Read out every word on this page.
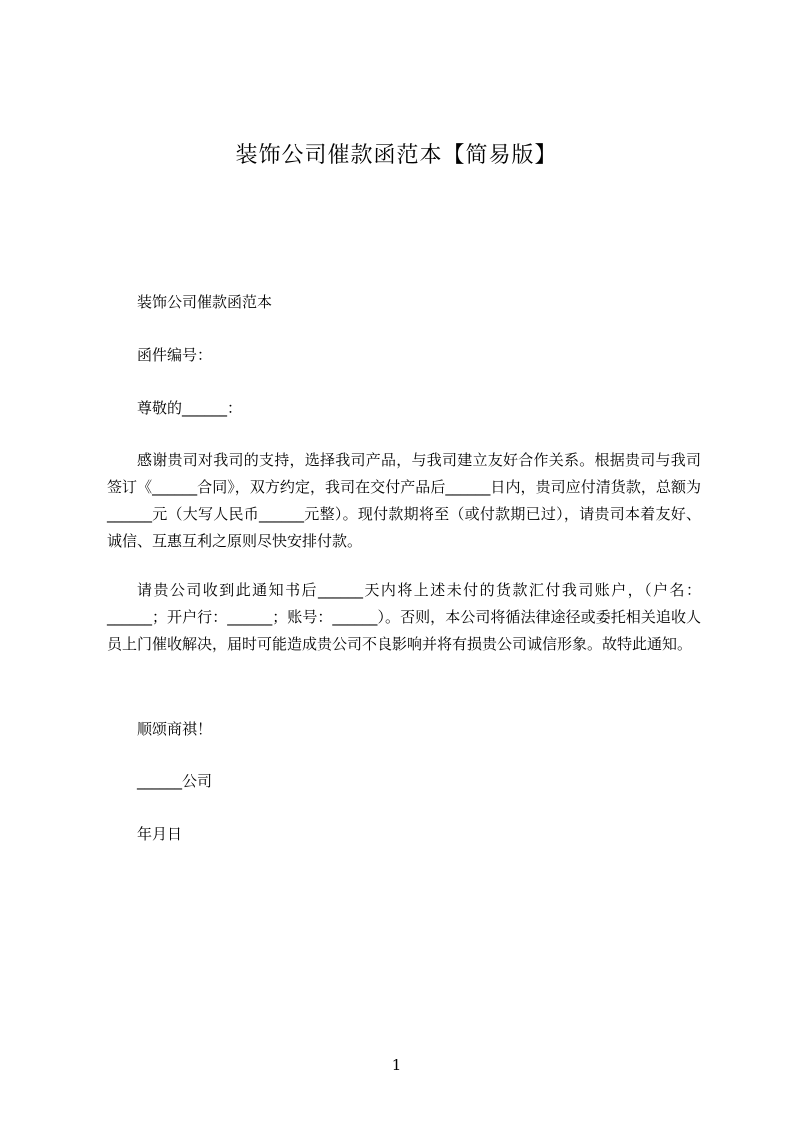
装饰公司催款函范本【简易版】
装饰公司催款函范本
函件编号：
尊敬的______：
感谢贵司对我司的支持，选择我司产品，与我司建立友好合作关系。根据贵司与我司签订《______合同》，双方约定，我司在交付产品后______日内，贵司应付清货款，总额为______元（大写人民币______元整）。现付款期将至（或付款期已过），请贵司本着友好、诚信、互惠互利之原则尽快安排付款。
请贵公司收到此通知书后______天内将上述未付的货款汇付我司账户，（户名：______；开户行：______；账号：______）。否则，本公司将循法律途径或委托相关追收人员上门催收解决，届时可能造成贵公司不良影响并将有损贵公司诚信形象。故特此通知。
顺颂商祺！
______公司
年月日
1
